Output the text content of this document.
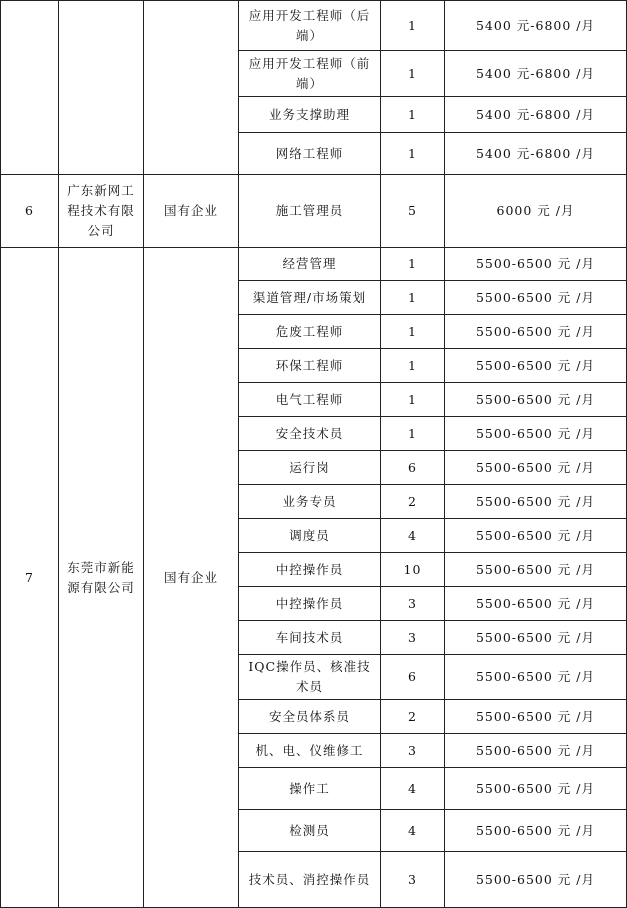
			应用开发工程师（后端）	1	5400 元-6800 /月
			应用开发工程师（前端）	1	5400 元-6800 /月
			业务支撑助理	1	5400 元-6800 /月
			网络工程师	1	5400 元-6800 /月
6	广东新网工程技术有限公司	国有企业	施工管理员	5	6000 元 /月
7	东莞市新能源有限公司	国有企业	经营管理	1	5500-6500 元 /月
			渠道管理/市场策划	1	5500-6500 元 /月
			危废工程师	1	5500-6500 元 /月
			环保工程师	1	5500-6500 元 /月
			电气工程师	1	5500-6500 元 /月
			安全技术员	1	5500-6500 元 /月
			运行岗	6	5500-6500 元 /月
			业务专员	2	5500-6500 元 /月
			调度员	4	5500-6500 元 /月
			中控操作员	10	5500-6500 元 /月
			中控操作员	3	5500-6500 元 /月
			车间技术员	3	5500-6500 元 /月
			IQC操作员、核准技术员	6	5500-6500 元 /月
			安全员体系员	2	5500-6500 元 /月
			机、电、仪维修工	3	5500-6500 元 /月
			操作工	4	5500-6500 元 /月
			检测员	4	5500-6500 元 /月
			技术员、消控操作员	3	5500-6500 元 /月
